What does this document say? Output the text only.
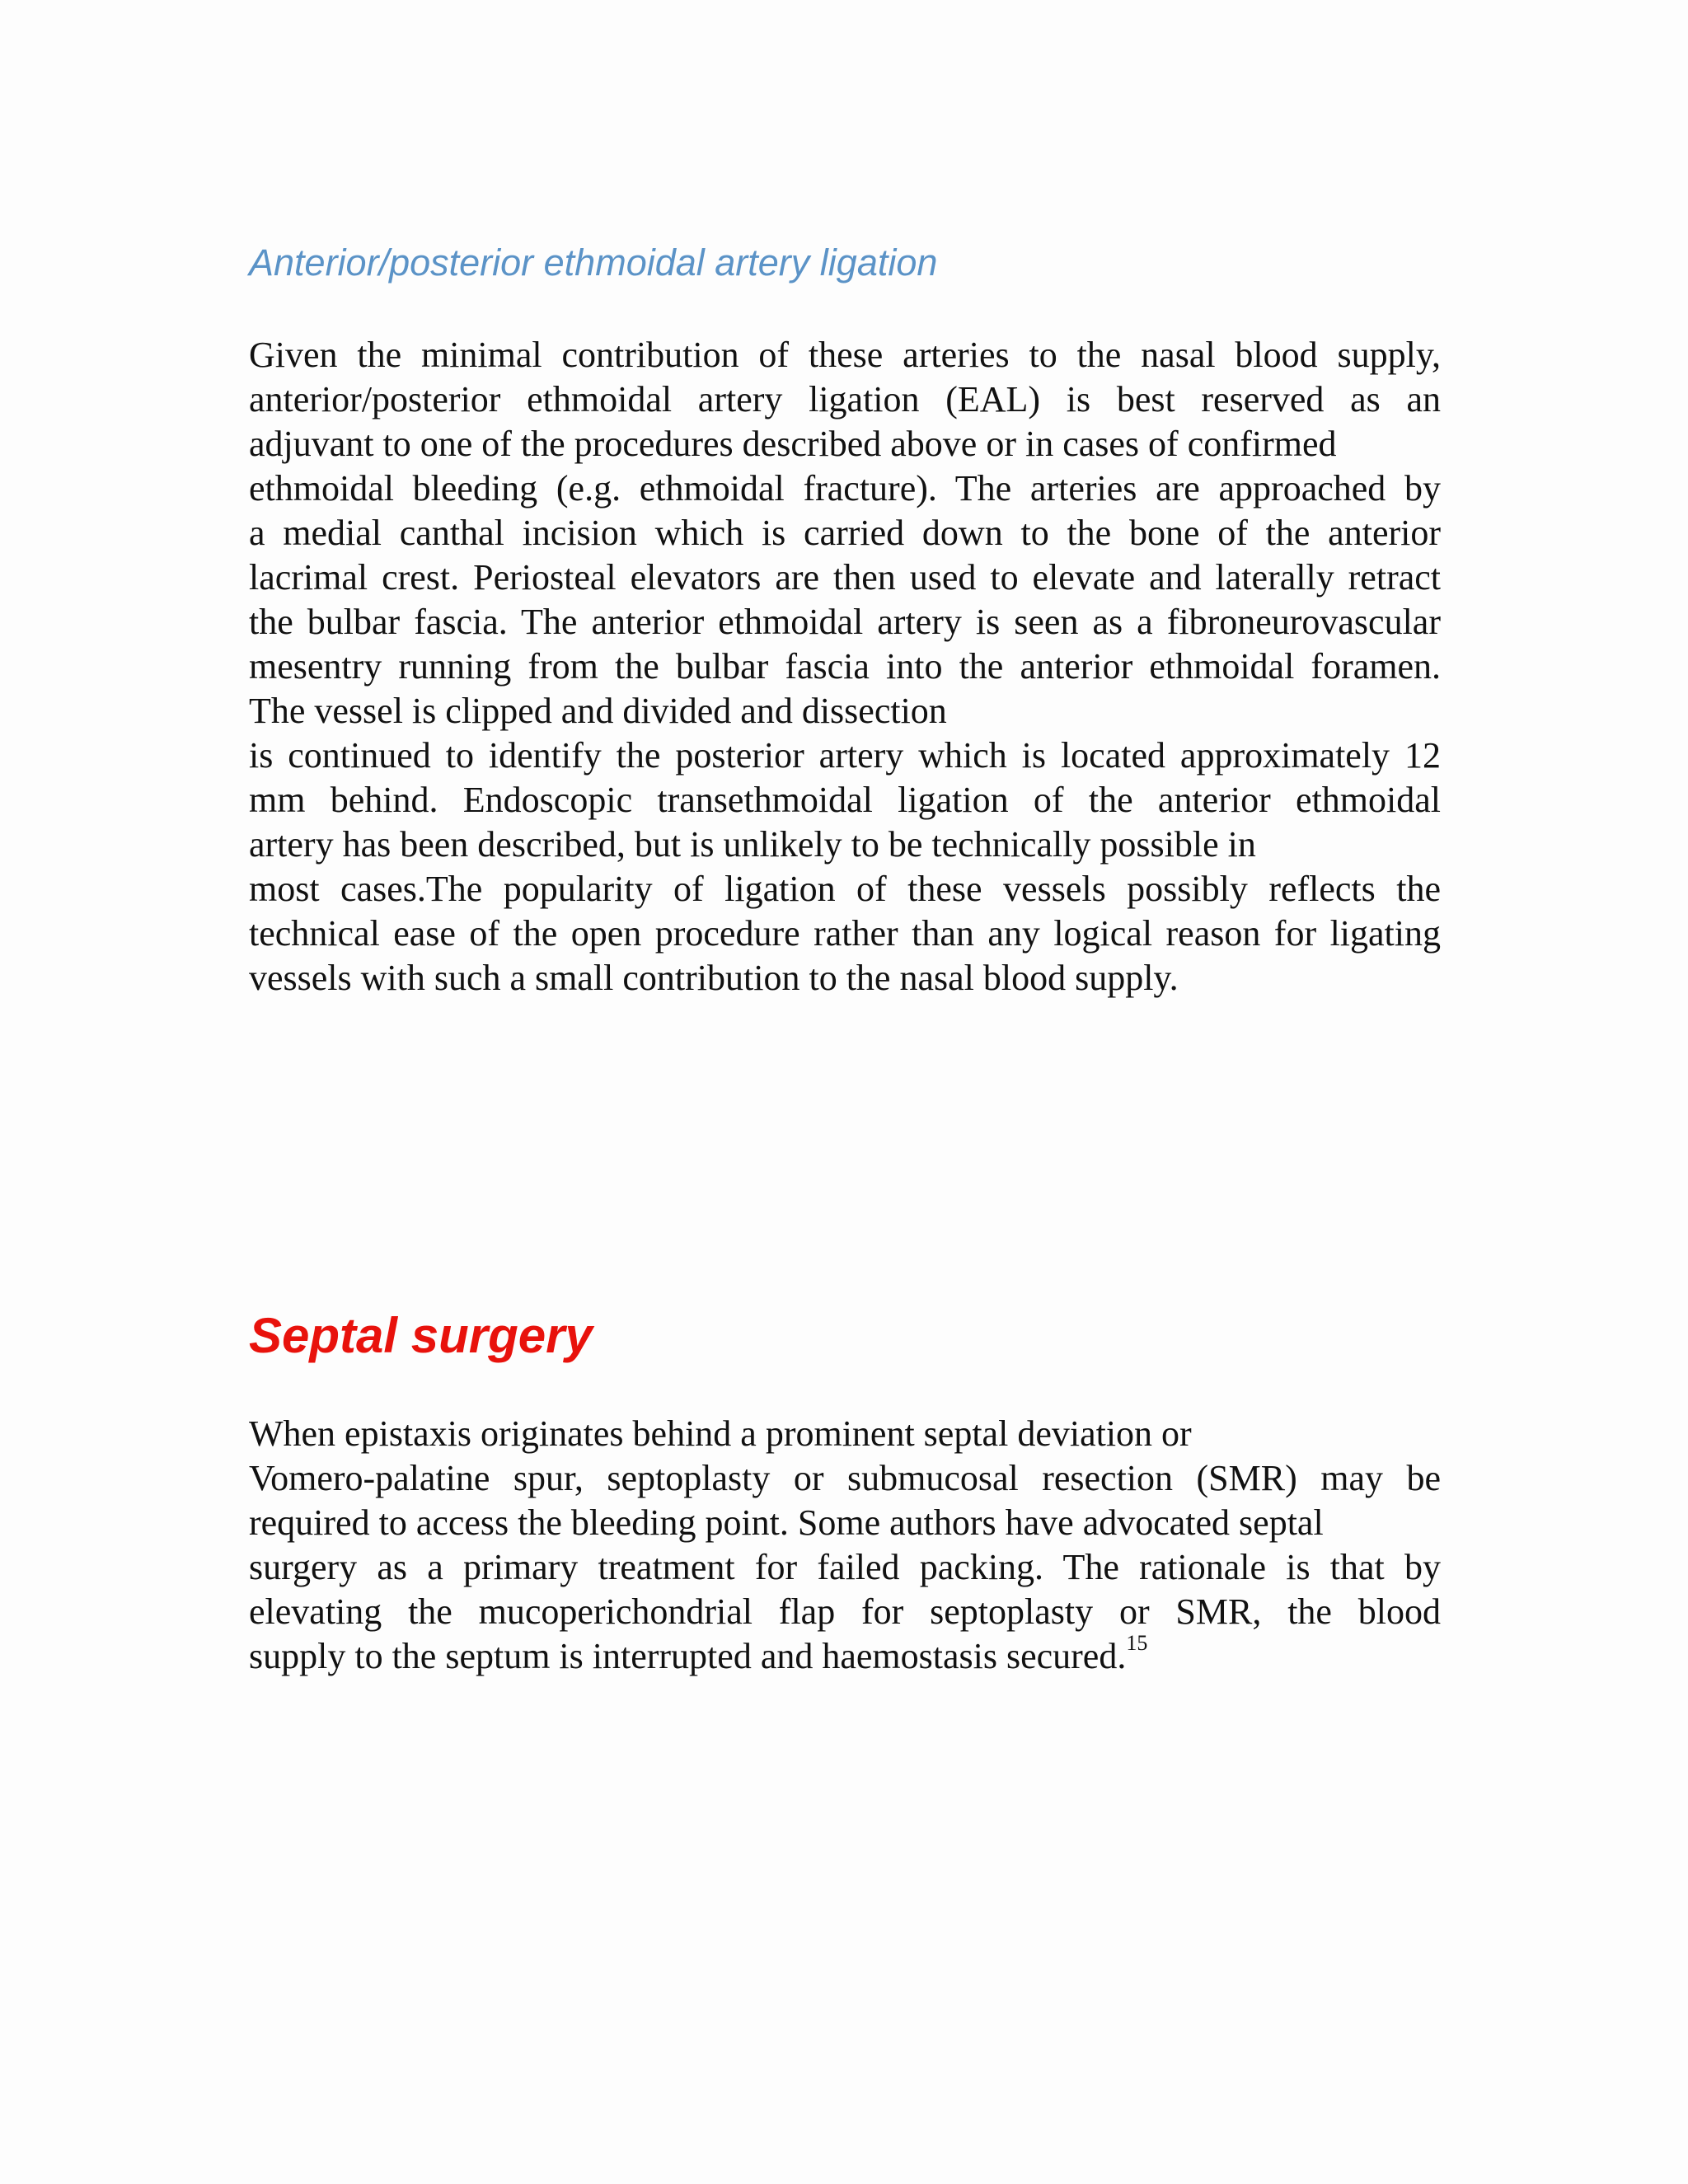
Anterior/posterior ethmoidal artery ligation
Given the minimal contribution of these arteries to the nasal blood supply,
anterior/posterior ethmoidal artery ligation (EAL) is best reserved as an
adjuvant to one of the procedures described above or in cases of confirmed
ethmoidal bleeding (e.g. ethmoidal fracture). The arteries are approached by
a medial canthal incision which is carried down to the bone of the anterior
lacrimal crest. Periosteal elevators are then used to elevate and laterally retract
the bulbar fascia. The anterior ethmoidal artery is seen as a fibroneurovascular
mesentry running from the bulbar fascia into the anterior ethmoidal foramen.
The vessel is clipped and divided and dissection
is continued to identify the posterior artery which is located approximately 12
mm behind. Endoscopic transethmoidal ligation of the anterior ethmoidal
artery has been described, but is unlikely to be technically possible in
most cases.The popularity of ligation of these vessels possibly reflects the
technical ease of the open procedure rather than any logical reason for ligating
vessels with such a small contribution to the nasal blood supply.
Septal surgery
When epistaxis originates behind a prominent septal deviation or
Vomero-palatine spur, septoplasty or submucosal resection (SMR) may be
required to access the bleeding point. Some authors have advocated septal
surgery as a primary treatment for failed packing. The rationale is that by
elevating the mucoperichondrial flap for septoplasty or SMR, the blood
supply to the septum is interrupted and haemostasis secured.$^{15}$
